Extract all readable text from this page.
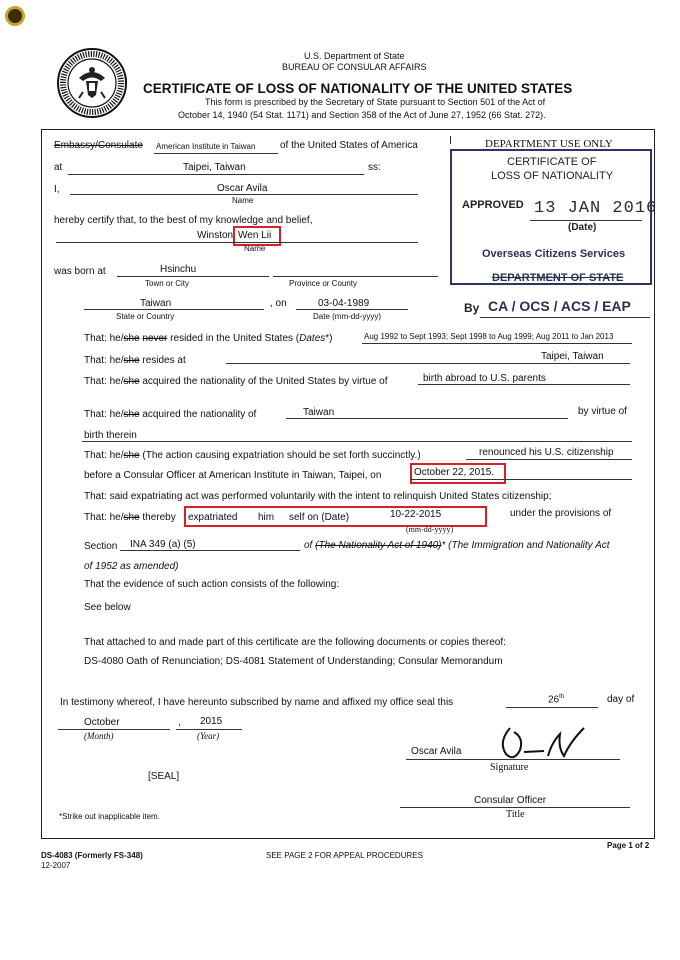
U.S. Department of State
BUREAU OF CONSULAR AFFAIRS
CERTIFICATE OF LOSS OF NATIONALITY OF THE UNITED STATES
This form is prescribed by the Secretary of State pursuant to Section 501 of the Act of
October 14, 1940 (54 Stat. 1171) and Section 358 of the Act of June 27, 1952 (66 Stat. 272).
DEPARTMENT USE ONLY
CERTIFICATE OF
LOSS OF NATIONALITY
APPROVED 13 JAN 2016
(Date)
Overseas Citizens Services
DEPARTMENT OF STATE
By CA / OCS / ACS / EAP
Embassy/Consulate American Institute in Taiwan of the United States of America
at	Taipei, Taiwan	ss:
I,	Oscar Avila
Name
hereby certify that, to the best of my knowledge and belief,
Winston Wen Lii
Name
was born at	Hsinchu
Town or City	Province or County
Taiwan	, on	03-04-1989
State or Country	Date (mm-dd-yyyy)
That: he/she never resided in the United States (Dates*)	Aug 1992 to Sept 1993; Sept 1998 to Aug 1999; Aug 2011 to Jan 2013
That: he/she resides at	Taipei, Taiwan
That: he/she acquired the nationality of the United States by virtue of	birth abroad to U.S. parents
That: he/she acquired the nationality of	Taiwan	by virtue of
birth therein
That: he/she (The action causing expatriation should be set forth succinctly.)	renounced his U.S. citizenship
before a Consular Officer at American Institute in Taiwan, Taipei, on	October 22, 2015.
That: said expatriating act was performed voluntarily with the intent to relinquish United States citizenship;
That: he/she thereby expatriated him self on (Date)	10-22-2015
(mm-dd-yyyy)
under the provisions of
Section INA 349 (a) (5)	of (The Nationality Act of 1940)* (The Immigration and Nationality Act
of 1952 as amended)
That the evidence of such action consists of the following:
See below
That attached to and made part of this certificate are the following documents or copies thereof:
DS-4080 Oath of Renunciation; DS-4081 Statement of Understanding; Consular Memorandum
In testimony whereof, I have hereunto subscribed by name and affixed my office seal this	26th	day of
October	, 2015
(Month)	(Year)
Oscar Avila
Signature
[SEAL]
Consular Officer
Title
*Strike out inapplicable item.
DS-4083 (Formerly FS-348)
12-2007
SEE PAGE 2 FOR APPEAL PROCEDURES
Page 1 of 2
